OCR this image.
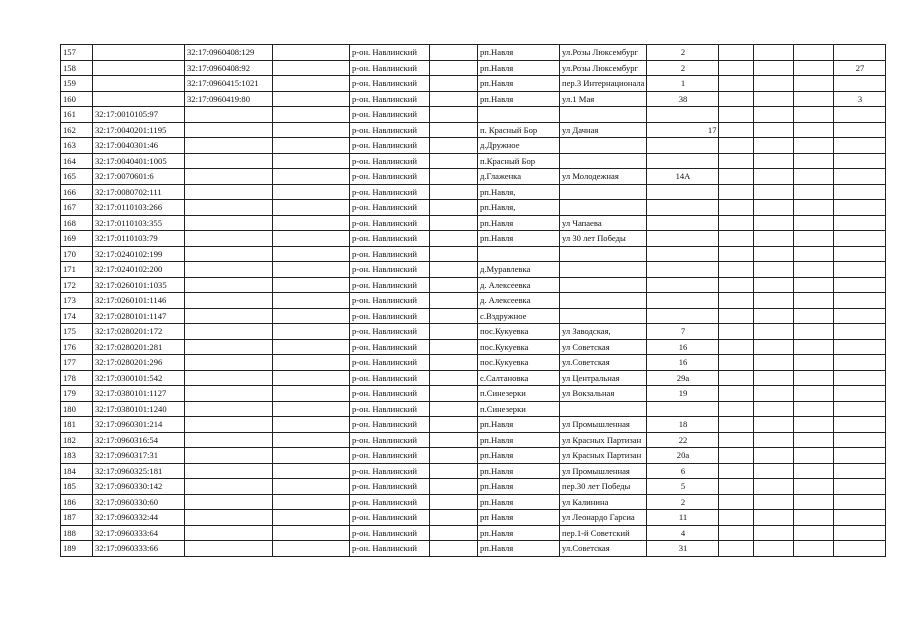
157		32:17:0960408:129		р-он. Навлинский		рп.Навля	ул.Розы Люксембург	2				
158		32:17:0960408:92		р-он. Навлинский		рп.Навля	ул.Розы Люксембург	2				27
159		32:17:0960415:1021		р-он. Навлинский		рп.Навля	пер.3 Интернационала	1				
160		32:17:0960419:80		р-он. Навлинский		рп.Навля	ул.1 Мая	38				3
161	32:17:0010105:97			р-он. Навлинский								
162	32:17:0040201:1195			р-он. Навлинский		п. Красный Бор	ул Дачная	17				
163	32:17:0040301:46			р-он. Навлинский		д.Дружное						
164	32:17:0040401:1005			р-он. Навлинский		п.Красный Бор						
165	32:17:0070601:6			р-он. Навлинский		д.Глаженка	ул Молодежная	14А				
166	32:17:0080702:111			р-он. Навлинский		рп.Навля,						
167	32:17:0110103:266			р-он. Навлинский		рп.Навля,						
168	32:17:0110103:355			р-он. Навлинский		рп.Навля	ул Чапаева					
169	32:17:0110103:79			р-он. Навлинский		рп.Навля	ул 30 лет Победы					
170	32:17:0240102:199			р-он. Навлинский								
171	32:17:0240102:200			р-он. Навлинский		д.Муравлевка						
172	32:17:0260101:1035			р-он. Навлинский		д. Алексеевка						
173	32:17:0260101:1146			р-он. Навлинский		д. Алексеевка						
174	32:17:0280101:1147			р-он. Навлинский		с.Вздружное						
175	32:17:0280201:172			р-он. Навлинский		пос.Кукуевка	ул Заводская,	7				
176	32:17:0280201:281			р-он. Навлинский		пос.Кукуевка	ул Советская	16				
177	32:17:0280201:296			р-он. Навлинский		пос.Кукуевка	ул.Советская	16				
178	32:17:0300101:542			р-он. Навлинский		с.Салтановка	ул Центральная	29а				
179	32:17:0380101:1127			р-он. Навлинский		п.Синезерки	ул Вокзальная	19				
180	32:17:0380101:1240			р-он. Навлинский		п.Синезерки						
181	32:17:0960301:214			р-он. Навлинский		рп.Навля	ул Промышленная	18				
182	32:17:0960316:54			р-он. Навлинский		рп.Навля	ул Красных Партизан	22				
183	32:17:0960317:31			р-он. Навлинский		рп.Навля	ул Красных Партизан	20а				
184	32:17:0960325:181			р-он. Навлинский		рп.Навля	ул Промышленная	6				
185	32:17:0960330:142			р-он. Навлинский		рп.Навля	пер.30 лет Победы	5				
186	32:17:0960330:60			р-он. Навлинский		рп.Навля	ул Калинина	2				
187	32:17:0960332:44			р-он. Навлинский		рп Навля	ул Леонардо Гарсиа	11				
188	32:17:0960333:64			р-он. Навлинский		рп.Навля	пер.1-й Советский	4				
189	32:17:0960333:66			р-он. Навлинский		рп.Навля	ул.Советская	31				
